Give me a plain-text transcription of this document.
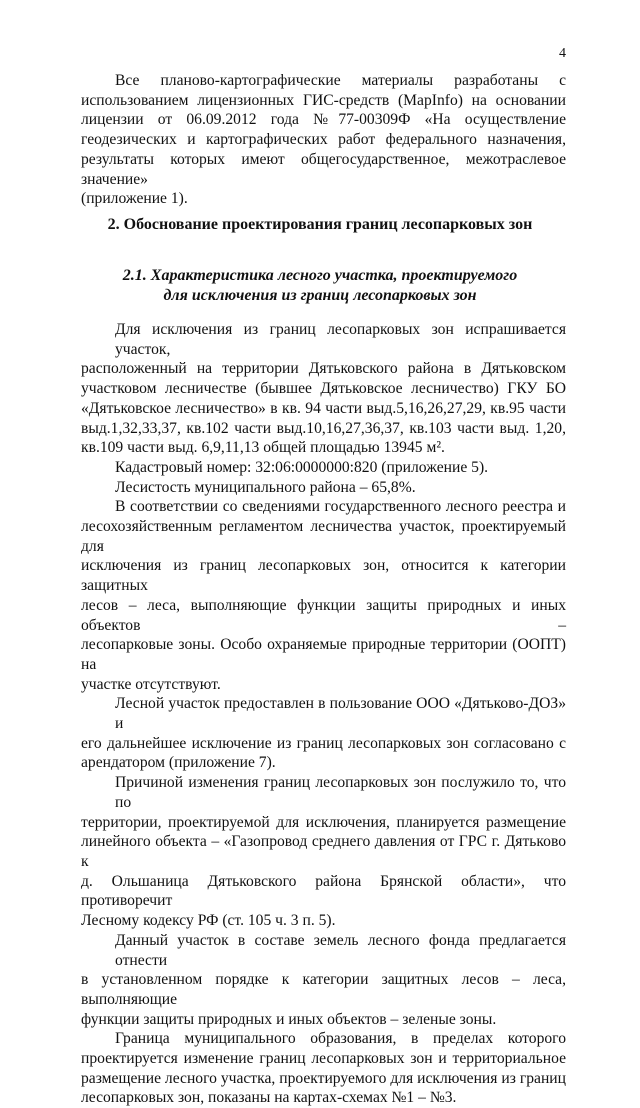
4
Все планово-картографические материалы разработаны с
использованием лицензионных ГИС-средств (MapInfo) на основании
лицензии от 06.09.2012 года №77-00309Ф «На осуществление
геодезических и картографических работ федерального назначения,
результаты которых имеют общегосударственное, межотраслевое значение»
(приложение 1).
2. Обоснование проектирования границ лесопарковых зон
2.1. Характеристика лесного участка, проектируемого
для исключения из границ лесопарковых зон
Для исключения из границ лесопарковых зон испрашивается участок,
расположенный на территории Дятьковского района в Дятьковском
участковом лесничестве (бывшее Дятьковское лесничество) ГКУ БО
«Дятьковское лесничество» в кв. 94 части выд.5,16,26,27,29, кв.95 части
выд.1,32,33,37, кв.102 части выд.10,16,27,36,37, кв.103 части выд. 1,20,
кв.109 части выд. 6,9,11,13 общей площадью 13945 м².
Кадастровый номер: 32:06:0000000:820 (приложение 5).
Лесистость муниципального района – 65,8%.
В соответствии со сведениями государственного лесного реестра и
лесохозяйственным регламентом лесничества участок, проектируемый для
исключения из границ лесопарковых зон, относится к категории защитных
лесов – леса, выполняющие функции защиты природных и иных объектов –
лесопарковые зоны. Особо охраняемые природные территории (ООПТ) на
участке отсутствуют.
Лесной участок предоставлен в пользование ООО «Дятьково-ДОЗ» и
его дальнейшее исключение из границ лесопарковых зон согласовано с
арендатором (приложение 7).
Причиной изменения границ лесопарковых зон послужило то, что по
территории, проектируемой для исключения, планируется размещение
линейного объекта – «Газопровод среднего давления от ГРС г. Дятьково к
д. Ольшаница Дятьковского района Брянской области», что противоречит
Лесному кодексу РФ (ст. 105 ч. 3 п. 5).
Данный участок в составе земель лесного фонда предлагается отнести
в установленном порядке к категории защитных лесов – леса, выполняющие
функции защиты природных и иных объектов – зеленые зоны.
Граница муниципального образования, в пределах которого
проектируется изменение границ лесопарковых зон и территориальное
размещение лесного участка, проектируемого для исключения из границ
лесопарковых зон, показаны на картах-схемах №1 – №3.
